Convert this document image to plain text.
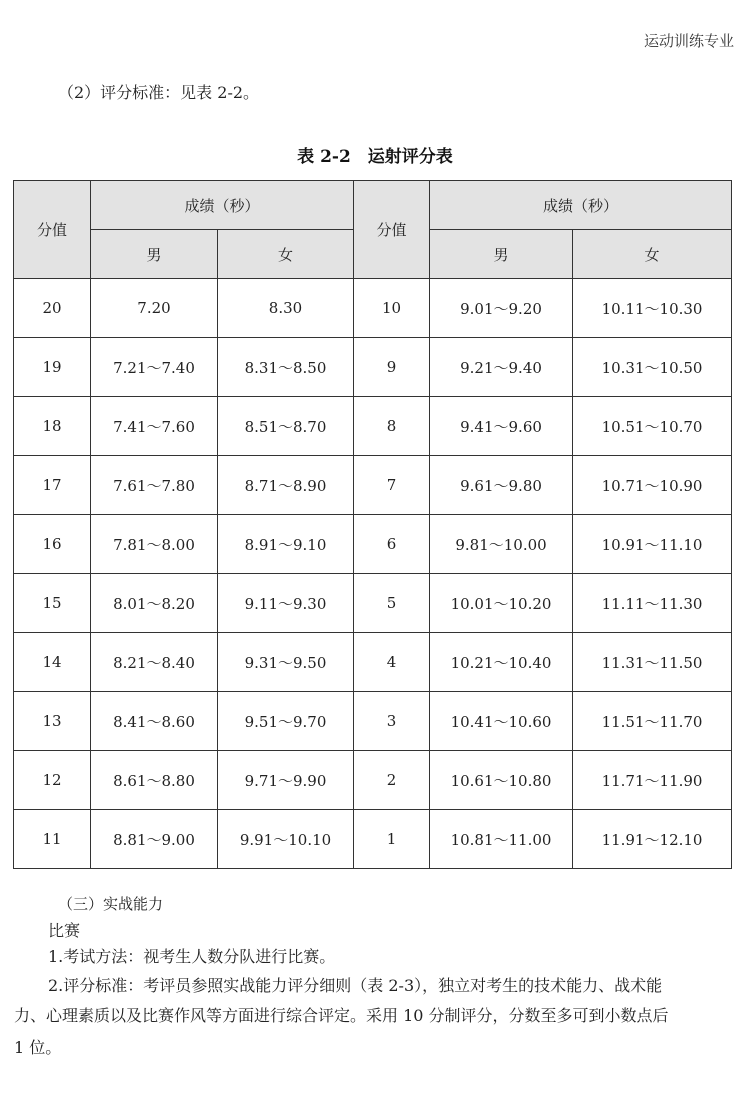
运动训练专业
（2）评分标准：见表 2-2。
表 2-2　运射评分表
分值	成绩（秒）		分值	成绩（秒）	
	男	女		男	女
20	7.20	8.30	10	9.01～9.20	10.11～10.30
19	7.21～7.40	8.31～8.50	9	9.21～9.40	10.31～10.50
18	7.41～7.60	8.51～8.70	8	9.41～9.60	10.51～10.70
17	7.61～7.80	8.71～8.90	7	9.61～9.80	10.71～10.90
16	7.81～8.00	8.91～9.10	6	9.81～10.00	10.91～11.10
15	8.01～8.20	9.11～9.30	5	10.01～10.20	11.11～11.30
14	8.21～8.40	9.31～9.50	4	10.21～10.40	11.31～11.50
13	8.41～8.60	9.51～9.70	3	10.41～10.60	11.51～11.70
12	8.61～8.80	9.71～9.90	2	10.61～10.80	11.71～11.90
11	8.81～9.00	9.91～10.10	1	10.81～11.00	11.91～12.10
（三）实战能力
比赛
1.考试方法：视考生人数分队进行比赛。
2.评分标准：考评员参照实战能力评分细则（表 2-3），独立对考生的技术能力、战术能
力、心理素质以及比赛作风等方面进行综合评定。采用 10 分制评分，分数至多可到小数点后
1 位。
